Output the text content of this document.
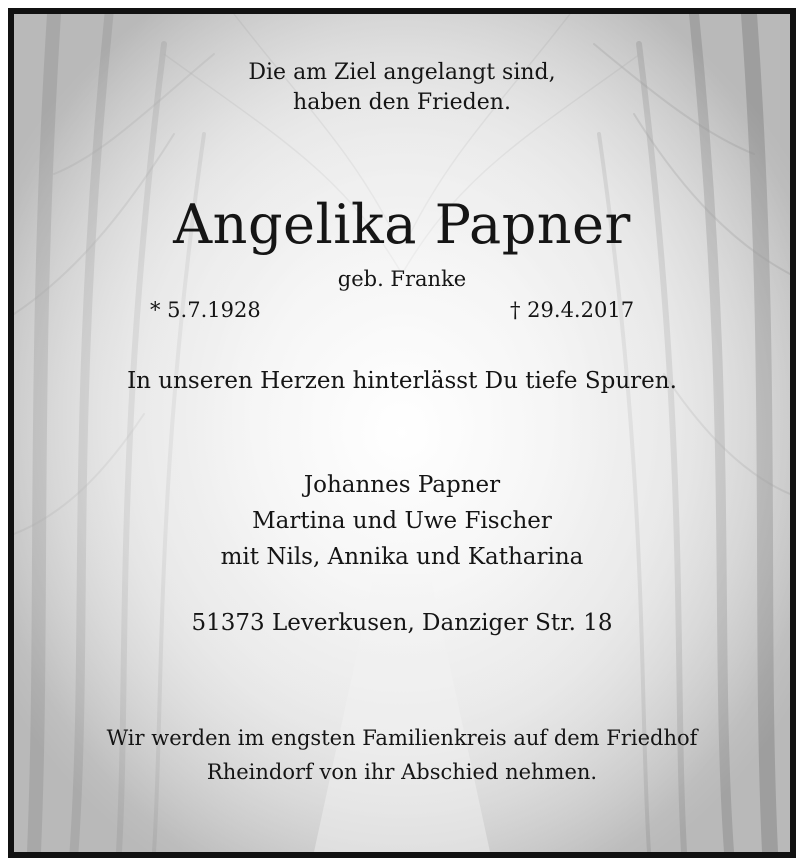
Die am Ziel angelangt sind,
haben den Frieden.
Angelika Papner
geb. Franke
* 5.7.1928	† 29.4.2017
In unseren Herzen hinterlässt Du tiefe Spuren.
Johannes Papner
Martina und Uwe Fischer
mit Nils, Annika und Katharina
51373 Leverkusen, Danziger Str. 18
Wir werden im engsten Familienkreis auf dem Friedhof
Rheindorf von ihr Abschied nehmen.
